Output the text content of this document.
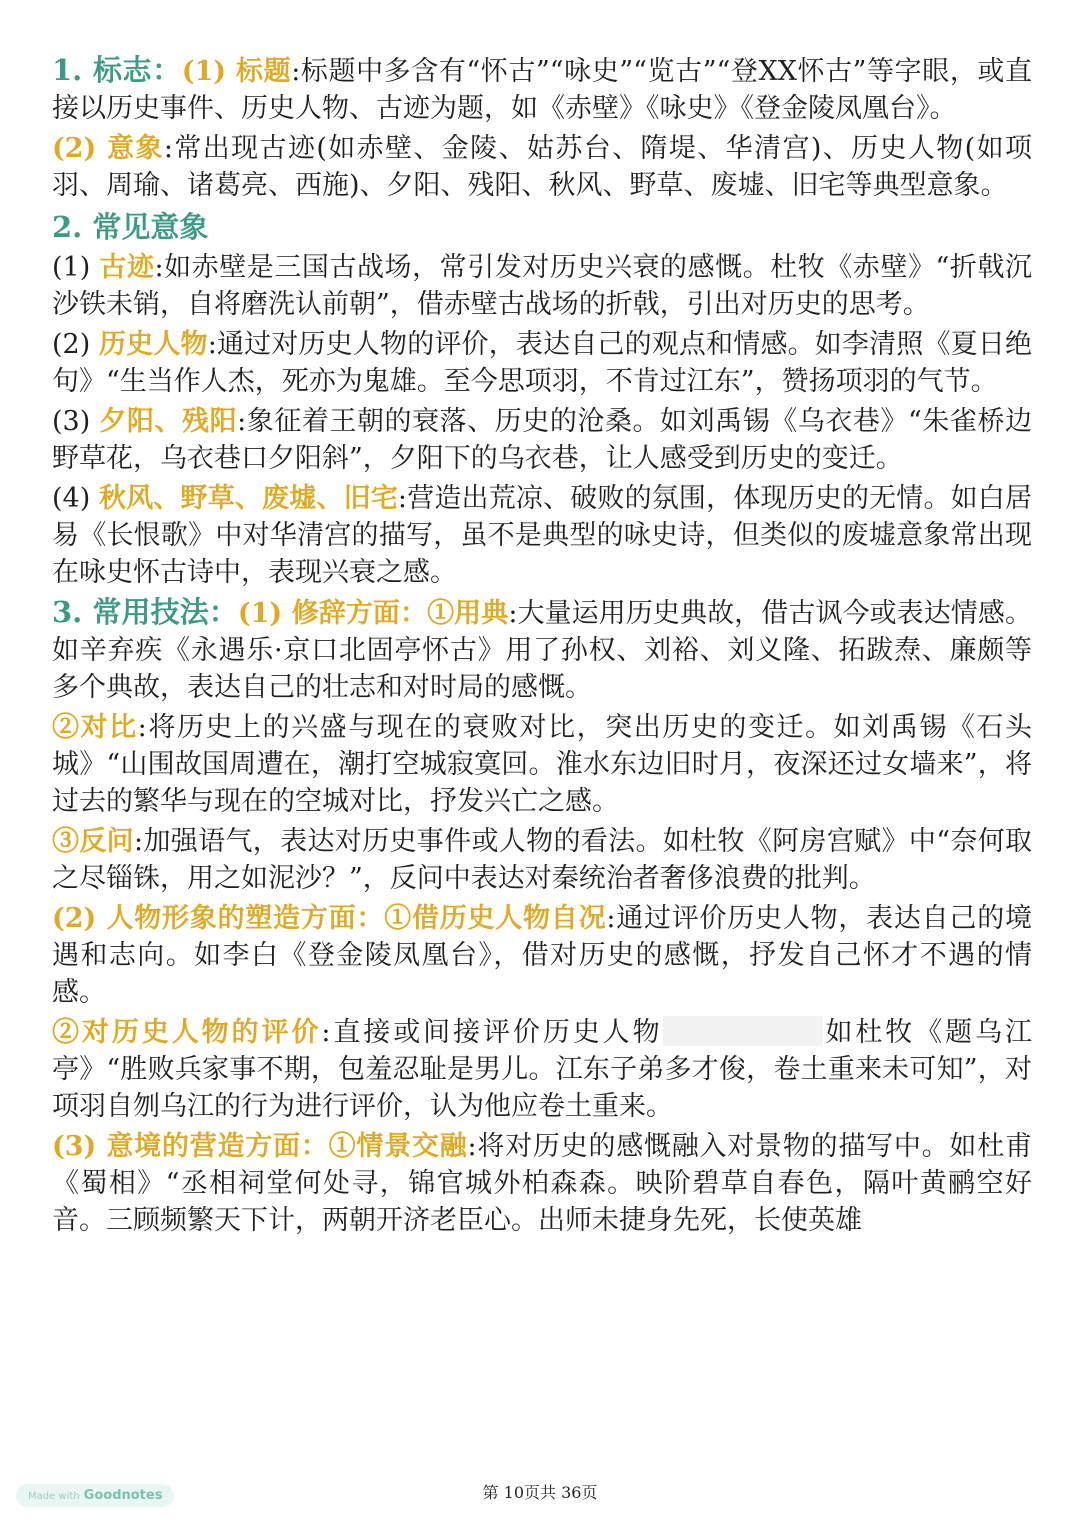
1. 标志：(1) 标题:标题中多含有“怀古”“咏史”“览古”“登XX怀古”等字眼，或直接以历史事件、历史人物、古迹为题，如《赤壁》《咏史》《登金陵凤凰台》。

(2) 意象:常出现古迹(如赤壁、金陵、姑苏台、隋堤、华清宫)、历史人物(如项羽、周瑜、诸葛亮、西施)、夕阳、残阳、秋风、野草、废墟、旧宅等典型意象。

2. 常见意象

(1) 古迹:如赤壁是三国古战场，常引发对历史兴衰的感慨。杜牧《赤壁》“折戟沉沙铁未销，自将磨洗认前朝”，借赤壁古战场的折戟，引出对历史的思考。

(2) 历史人物:通过对历史人物的评价，表达自己的观点和情感。如李清照《夏日绝句》“生当作人杰，死亦为鬼雄。至今思项羽，不肯过江东”，赞扬项羽的气节。

(3) 夕阳、残阳:象征着王朝的衰落、历史的沧桑。如刘禹锡《乌衣巷》“朱雀桥边野草花，乌衣巷口夕阳斜”，夕阳下的乌衣巷，让人感受到历史的变迁。

(4) 秋风、野草、废墟、旧宅:营造出荒凉、破败的氛围，体现历史的无情。如白居易《长恨歌》中对华清宫的描写，虽不是典型的咏史诗，但类似的废墟意象常出现在咏史怀古诗中，表现兴衰之感。

3. 常用技法：(1) 修辞方面：①用典:大量运用历史典故，借古讽今或表达情感。如辛弃疾《永遇乐·京口北固亭怀古》用了孙权、刘裕、刘义隆、拓跋焘、廉颇等多个典故，表达自己的壮志和对时局的感慨。

②对比:将历史上的兴盛与现在的衰败对比，突出历史的变迁。如刘禹锡《石头城》“山围故国周遭在，潮打空城寂寞回。淮水东边旧时月，夜深还过女墙来”，将过去的繁华与现在的空城对比，抒发兴亡之感。

③反问:加强语气，表达对历史事件或人物的看法。如杜牧《阿房宫赋》中“奈何取之尽锱铢，用之如泥沙？”，反问中表达对秦统治者奢侈浪费的批判。

(2) 人物形象的塑造方面：①借历史人物自况:通过评价历史人物，表达自己的境遇和志向。如李白《登金陵凤凰台》，借对历史的感慨，抒发自己怀才不遇的情感。

②对历史人物的评价:直接或间接评价历史人物	如杜牧《题乌江亭》“胜败兵家事不期，包羞忍耻是男儿。江东子弟多才俊，卷土重来未可知”，对项羽自刎乌江的行为进行评价，认为他应卷土重来。

(3) 意境的营造方面：①情景交融:将对历史的感慨融入对景物的描写中。如杜甫《蜀相》“丞相祠堂何处寻，锦官城外柏森森。映阶碧草自春色，隔叶黄鹂空好音。三顾频繁天下计，两朝开济老臣心。出师未捷身先死，长使英雄

Made with Goodnotes	第 10页共 36页
